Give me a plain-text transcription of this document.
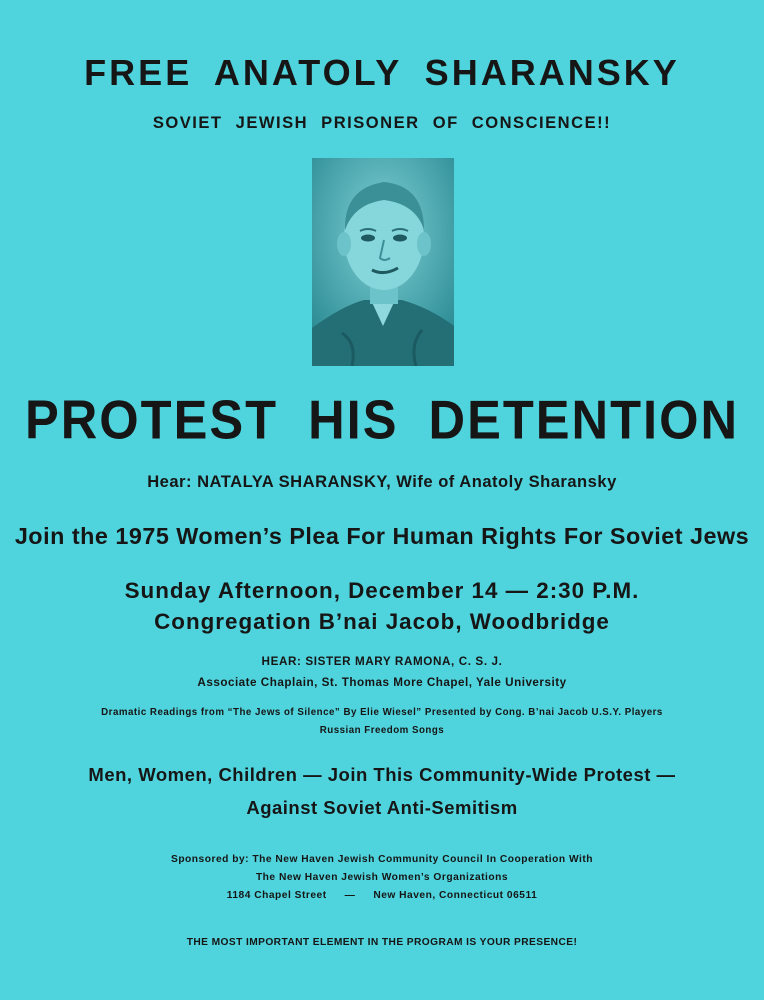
FREE ANATOLY SHARANSKY
SOVIET JEWISH PRISONER OF CONSCIENCE!!
PROTEST HIS DETENTION
Hear: NATALYA SHARANSKY, Wife of Anatoly Sharansky
Join the 1975 Women’s Plea For Human Rights For Soviet Jews
Sunday Afternoon, December 14 — 2:30 P.M.
Congregation B’nai Jacob, Woodbridge
HEAR: SISTER MARY RAMONA, C. S. J.
Associate Chaplain, St. Thomas More Chapel, Yale University
Dramatic Readings from “The Jews of Silence” By Elie Wiesel” Presented by Cong. B’nai Jacob U.S.Y. Players
Russian Freedom Songs
Men, Women, Children — Join This Community-Wide Protest —
Against Soviet Anti-Semitism
Sponsored by: The New Haven Jewish Community Council In Cooperation With
The New Haven Jewish Women’s Organizations
1184 Chapel Street — New Haven, Connecticut 06511
THE MOST IMPORTANT ELEMENT IN THE PROGRAM IS YOUR PRESENCE!
